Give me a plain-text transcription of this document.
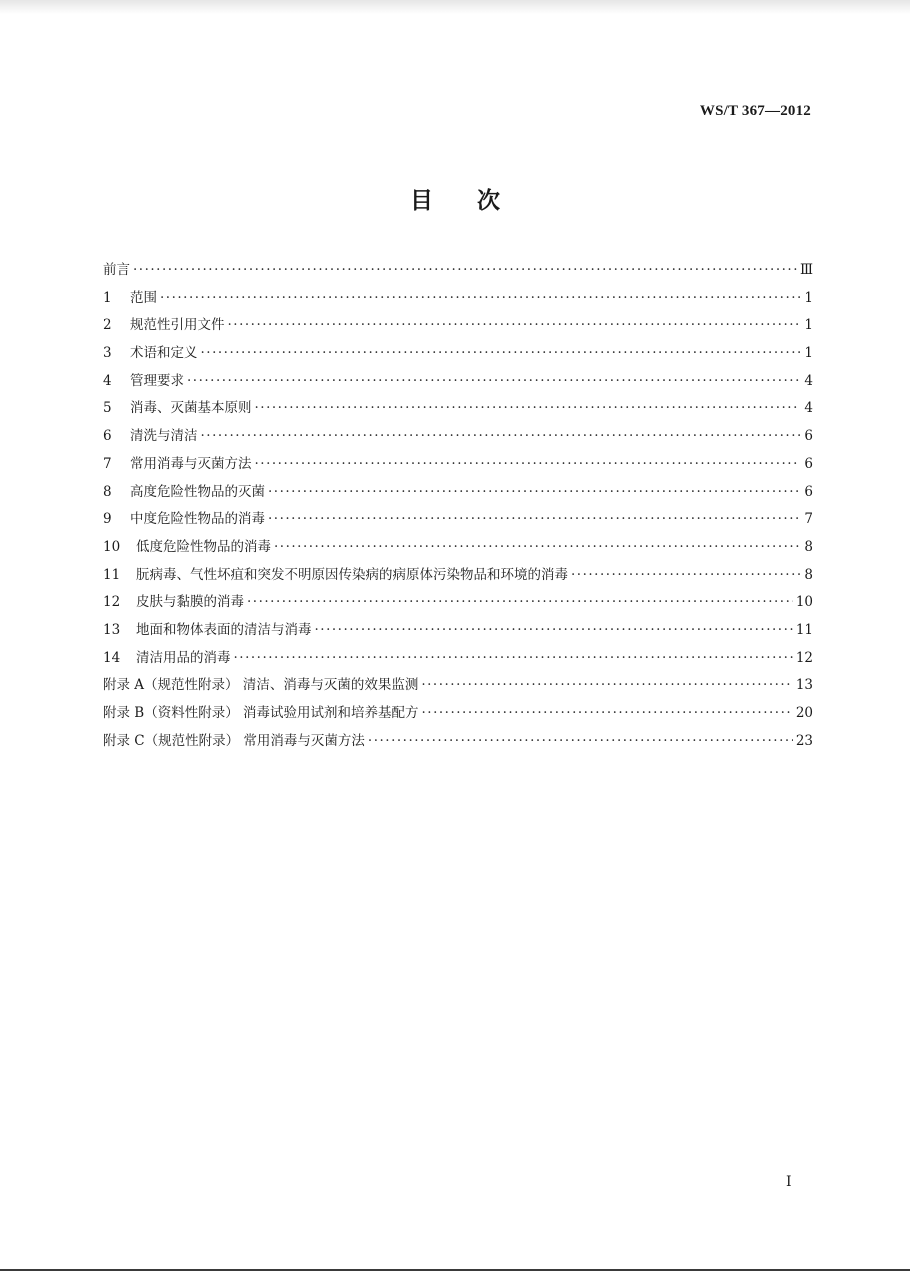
WS/T 367—2012
目 次
前言 ·····	Ⅲ
1	范围 ·····	1
2	规范性引用文件 ·····	1
3	术语和定义 ·····	1
4	管理要求 ·····	4
5	消毒、灭菌基本原则 ·····	4
6	清洗与清洁 ·····	6
7	常用消毒与灭菌方法 ·····	6
8	高度危险性物品的灭菌 ·····	6
9	中度危险性物品的消毒 ·····	7
10	低度危险性物品的消毒 ·····	8
11	朊病毒、气性坏疽和突发不明原因传染病的病原体污染物品和环境的消毒 ·····	8
12	皮肤与黏膜的消毒 ·····	10
13	地面和物体表面的清洁与消毒 ·····	11
14	清洁用品的消毒 ·····	12
附录 A（规范性附录） 清洁、消毒与灭菌的效果监测 ·····	13
附录 B（资料性附录） 消毒试验用试剂和培养基配方 ·····	20
附录 C（规范性附录） 常用消毒与灭菌方法 ·····	23
I
